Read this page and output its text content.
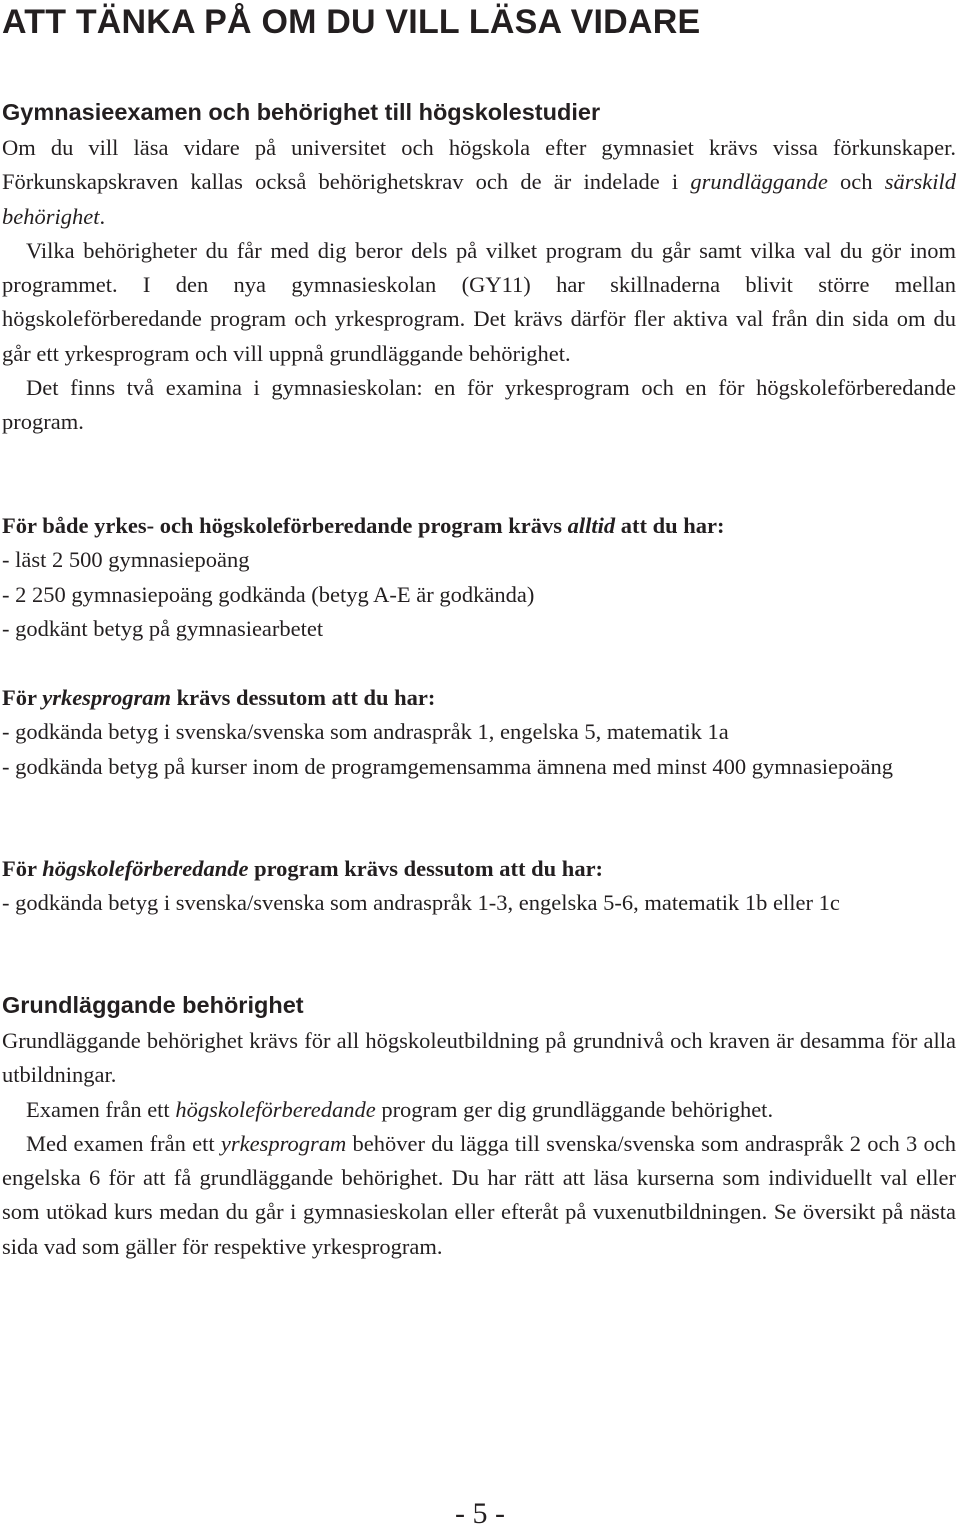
ATT TÄNKA PÅ OM DU VILL LÄSA VIDARE
Gymnasieexamen och behörighet till högskolestudier

Om du vill läsa vidare på universitet och högskola efter gymnasiet krävs vissa förkunskaper. Förkunskapskraven kallas också behörighetskrav och de är indelade i grundläggande och särskild behörighet.

Vilka behörigheter du får med dig beror dels på vilket program du går samt vilka val du gör inom programmet. I den nya gymnasieskolan (GY11) har skillnaderna blivit större mellan högskoleförberedande program och yrkesprogram. Det krävs därför fler aktiva val från din sida om du går ett yrkesprogram och vill uppnå grundläggande behörighet.

Det finns två examina i gymnasieskolan: en för yrkesprogram och en för högskoleförberedande program.

För både yrkes- och högskoleförberedande program krävs alltid att du har:

- läst 2 500 gymnasiepoäng

- 2 250 gymnasiepoäng godkända (betyg A-E är godkända)

- godkänt betyg på gymnasiearbetet

För yrkesprogram krävs dessutom att du har:

- godkända betyg i svenska/svenska som andraspråk 1, engelska 5, matematik 1a

- godkända betyg på kurser inom de programgemensamma ämnena med minst 400 gymnasiepoäng

För högskoleförberedande program krävs dessutom att du har:

- godkända betyg i svenska/svenska som andraspråk 1-3, engelska 5-6, matematik 1b eller 1c

Grundläggande behörighet

Grundläggande behörighet krävs för all högskoleutbildning på grundnivå och kraven är desamma för alla utbildningar.

Examen från ett högskoleförberedande program ger dig grundläggande behörighet.

Med examen från ett yrkesprogram behöver du lägga till svenska/svenska som andraspråk 2 och 3 och engelska 6 för att få grundläggande behörighet. Du har rätt att läsa kurserna som individuellt val eller som utökad kurs medan du går i gymnasieskolan eller efteråt på vuxenutbildningen. Se översikt på nästa sida vad som gäller för respektive yrkesprogram.

- 5 -
